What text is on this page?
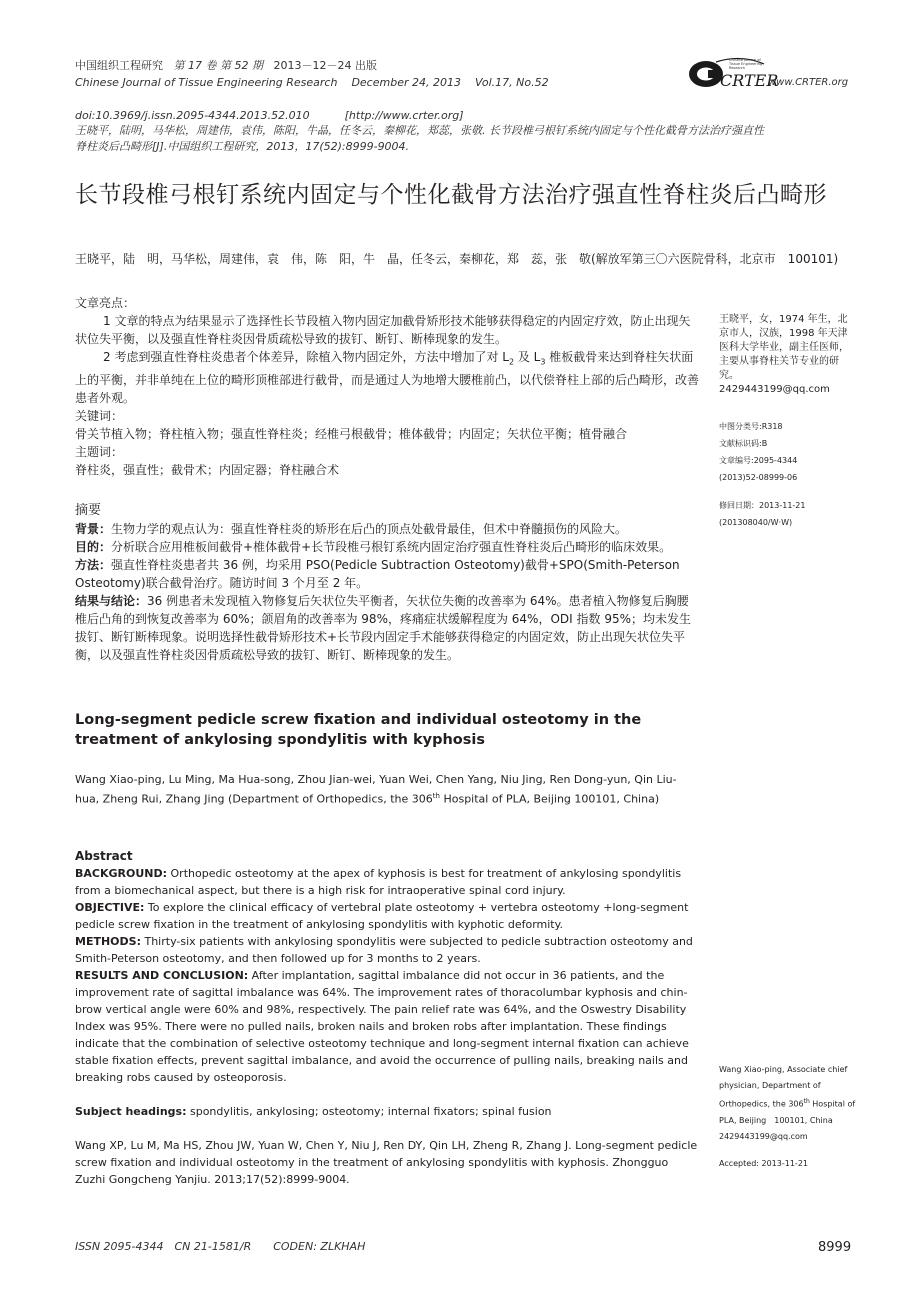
中国组织工程研究 第 17 卷 第 52 期 2013－12－24 出版
Chinese Journal of Tissue Engineering Research December 24, 2013 Vol.17, No.52	CRTER
Chinese Journal of Tissue Engineering Research
www.CRTER.org
doi:10.3969/j.issn.2095-4344.2013.52.010	[http://www.crter.org]
王晓平，陆明，马华松，周建伟，袁伟，陈阳，牛晶，任冬云，秦柳花，郑蕊，张敬. 长节段椎弓根钉系统内固定与个性化截骨方法治疗强直性
脊柱炎后凸畸形[J].中国组织工程研究，2013，17(52):8999-9004.
长节段椎弓根钉系统内固定与个性化截骨方法治疗强直性脊柱炎后凸畸形
王晓平，陆　明，马华松，周建伟，袁　伟，陈　阳，牛　晶，任冬云，秦柳花，郑　蕊，张　敬(解放军第三〇六医院骨科，北京市　100101)

文章亮点：

1 文章的特点为结果显示了选择性长节段植入物内固定加截骨矫形技术能够获得稳定的内固定疗效，防止出现矢状位失平衡，以及强直性脊柱炎因骨质疏松导致的拔钉、断钉、断棒现象的发生。

2 考虑到强直性脊柱炎患者个体差异，除植入物内固定外，方法中增加了对 $L_2$ 及 $L_3$ 椎板截骨来达到脊柱矢状面上的平衡，并非单纯在上位的畸形顶椎部进行截骨，而是通过人为地增大腰椎前凸，以代偿脊柱上部的后凸畸形，改善患者外观。

关键词：

骨关节植入物；脊柱植入物；强直性脊柱炎；经椎弓根截骨；椎体截骨；内固定；矢状位平衡；植骨融合

主题词：

脊柱炎，强直性；截骨术；内固定器；脊柱融合术

摘要

背景：生物力学的观点认为：强直性脊柱炎的矫形在后凸的顶点处截骨最佳，但术中脊髓损伤的风险大。

目的：分析联合应用椎板间截骨+椎体截骨+长节段椎弓根钉系统内固定治疗强直性脊柱炎后凸畸形的临床效果。

方法：强直性脊柱炎患者共 36 例，均采用 PSO(Pedicle Subtraction Osteotomy)截骨+SPO(Smith-Peterson Osteotomy)联合截骨治疗。随访时间 3 个月至 2 年。

结果与结论：36 例患者未发现植入物修复后矢状位失平衡者，矢状位失衡的改善率为 64%。患者植入物修复后胸腰椎后凸角的到恢复改善率为 60%；颌眉角的改善率为 98%，疼痛症状缓解程度为 64%，ODI 指数 95%；均未发生拔钉、断钉断棒现象。说明选择性截骨矫形技术+长节段内固定手术能够获得稳定的内固定效，防止出现矢状位失平衡，以及强直性脊柱炎因骨质疏松导致的拔钉、断钉、断棒现象的发生。

王晓平，女，1974 年生，北京市人，汉族，1998 年天津医科大学毕业，副主任医师，主要从事脊柱关节专业的研究。
2429443199@qq.com
中图分类号:R318
文献标识码:B
文章编号:2095-4344
(2013)52-08999-06
修回日期：2013-11-21
(201308040/W·W)
Long-segment pedicle screw fixation and individual osteotomy in the treatment of ankylosing spondylitis with kyphosis
Wang Xiao-ping, Lu Ming, Ma Hua-song, Zhou Jian-wei, Yuan Wei, Chen Yang, Niu Jing, Ren Dong-yun, Qin Liu-hua, Zheng Rui, Zhang Jing (Department of Orthopedics, the 306th Hospital of PLA, Beijing 100101, China)

Abstract

BACKGROUND: Orthopedic osteotomy at the apex of kyphosis is best for treatment of ankylosing spondylitis from a biomechanical aspect, but there is a high risk for intraoperative spinal cord injury.

OBJECTIVE: To explore the clinical efficacy of vertebral plate osteotomy + vertebra osteotomy +long-segment pedicle screw fixation in the treatment of ankylosing spondylitis with kyphotic deformity.

METHODS: Thirty-six patients with ankylosing spondylitis were subjected to pedicle subtraction osteotomy and Smith-Peterson osteotomy, and then followed up for 3 months to 2 years.

RESULTS AND CONCLUSION: After implantation, sagittal imbalance did not occur in 36 patients, and the improvement rate of sagittal imbalance was 64%. The improvement rates of thoracolumbar kyphosis and chin-brow vertical angle were 60% and 98%, respectively. The pain relief rate was 64%, and the Oswestry Disability Index was 95%. There were no pulled nails, broken nails and broken robs after implantation. These findings indicate that the combination of selective osteotomy technique and long-segment internal fixation can achieve stable fixation effects, prevent sagittal imbalance, and avoid the occurrence of pulling nails, breaking nails and breaking robs caused by osteoporosis.

Subject headings: spondylitis, ankylosing; osteotomy; internal fixators; spinal fusion
Wang XP, Lu M, Ma HS, Zhou JW, Yuan W, Chen Y, Niu J, Ren DY, Qin LH, Zheng R, Zhang J. Long-segment pedicle screw fixation and individual osteotomy in the treatment of ankylosing spondylitis with kyphosis. Zhongguo Zuzhi Gongcheng Yanjiu. 2013;17(52):8999-9004.
Wang Xiao-ping, Associate chief physician, Department of Orthopedics, the 306th Hospital of PLA, Beijing　100101, China
2429443199@qq.com
Accepted: 2013-11-21
ISSN 2095-4344　CN 21-1581/R　　CODEN: ZLKHAH	8999
